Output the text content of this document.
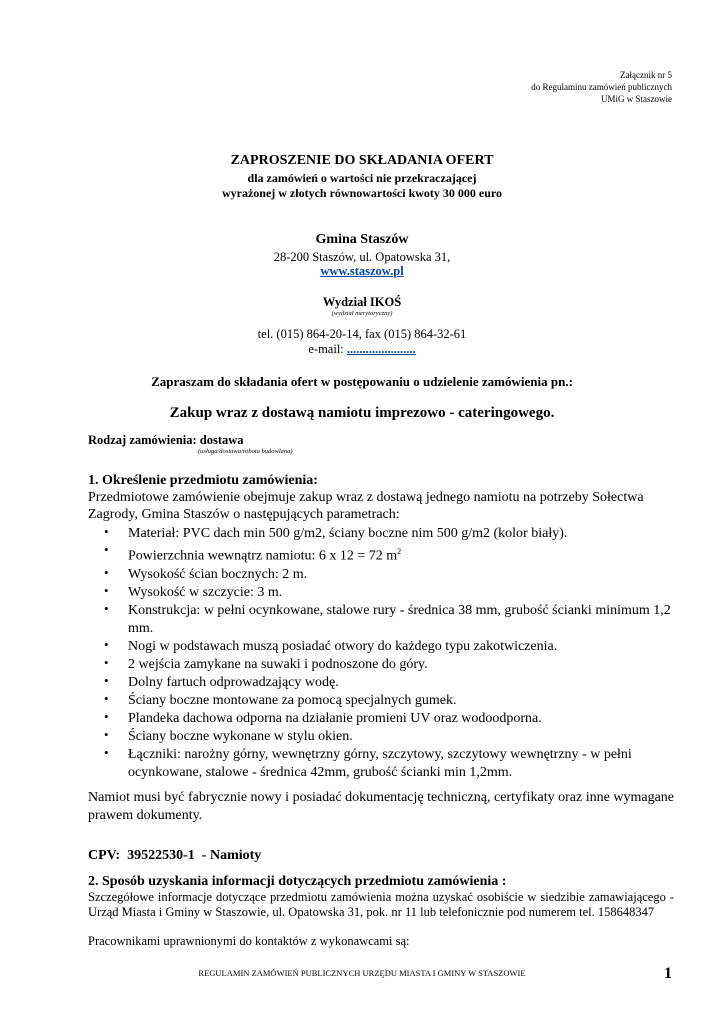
Załącznik nr 5
do Regulaminu zamówień publicznych
UMiG w Staszowie
ZAPROSZENIE DO SKŁADANIA OFERT
dla zamówień o wartości nie przekraczającej
wyrażonej w złotych równowartości kwoty 30 000 euro
Gmina Staszów
28-200 Staszów, ul. Opatowska 31,
www.staszow.pl
Wydział IKOŚ
(wydział merytoryczny)
tel. (015) 864-20-14, fax (015) 864-32-61
e-mail: ......................
Zapraszam do składania ofert w postępowaniu o udzielenie zamówienia pn.:
Zakup wraz z dostawą namiotu imprezowo - cateringowego.
Rodzaj zamówienia: dostawa
(usługa/dostawa/robota budowlana)
1. Określenie przedmiotu zamówienia:
Przedmiotowe zamówienie obejmuje zakup wraz z dostawą jednego namiotu na potrzeby Sołectwa Zagrody, Gmina Staszów o następujących parametrach:
• Materiał: PVC dach min 500 g/m2, ściany boczne nim 500 g/m2 (kolor biały).
• Powierzchnia wewnątrz namiotu: 6 x 12 = 72 $m^2$
• Wysokość ścian bocznych: 2 m.
• Wysokość w szczycie: 3 m.
• Konstrukcja: w pełni ocynkowane, stalowe rury - średnica 38 mm, grubość ścianki minimum 1,2 mm.
• Nogi w podstawach muszą posiadać otwory do każdego typu zakotwiczenia.
• 2 wejścia zamykane na suwaki i podnoszone do góry.
• Dolny fartuch odprowadzający wodę.
• Ściany boczne montowane za pomocą specjalnych gumek.
• Plandeka dachowa odporna na działanie promieni UV oraz wodoodporna.
• Ściany boczne wykonane w stylu okien.
• Łączniki: narożny górny, wewnętrzny górny, szczytowy, szczytowy wewnętrzny - w pełni ocynkowane, stalowe - średnica 42mm, grubość ścianki min 1,2mm.
Namiot musi być fabrycznie nowy i posiadać dokumentację techniczną, certyfikaty oraz inne wymagane prawem dokumenty.
CPV:  39522530-1  - Namioty
2. Sposób uzyskania informacji dotyczących przedmiotu zamówienia :
Szczegółowe informacje dotyczące przedmiotu zamówienia można uzyskać osobiście w siedzibie zamawiającego - Urząd Miasta i Gminy w Staszowie, ul. Opatowska 31, pok. nr 11 lub telefonicznie pod numerem tel. 158648347
Pracownikami uprawnionymi do kontaktów z wykonawcami są:
REGULAMIN ZAMÓWIEŃ PUBLICZNYCH URZĘDU MIASTA I GMINY W STASZOWIE	1
